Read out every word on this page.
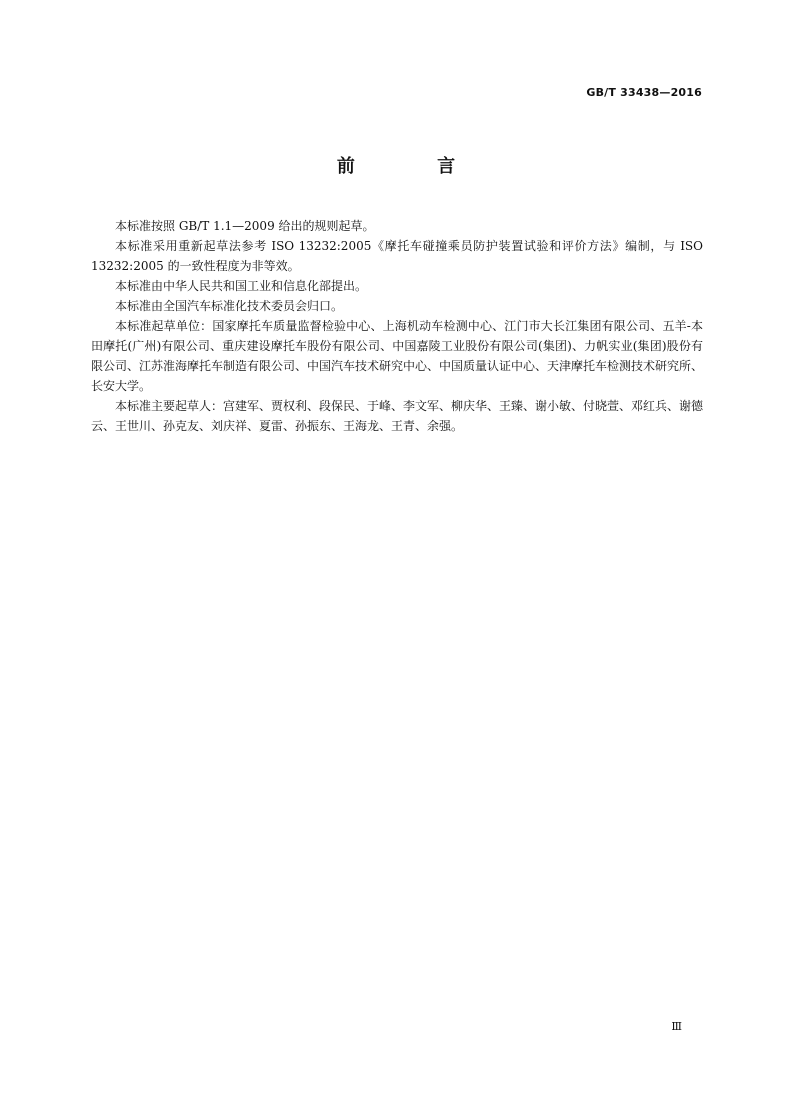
GB/T 33438—2016
前 言

本标准按照 GB/T 1.1—2009 给出的规则起草。

本标准采用重新起草法参考 ISO 13232:2005《摩托车碰撞乘员防护装置试验和评价方法》编制，与 ISO 13232:2005 的一致性程度为非等效。

本标准由中华人民共和国工业和信息化部提出。

本标准由全国汽车标准化技术委员会归口。

本标准起草单位：国家摩托车质量监督检验中心、上海机动车检测中心、江门市大长江集团有限公司、五羊-本田摩托(广州)有限公司、重庆建设摩托车股份有限公司、中国嘉陵工业股份有限公司(集团)、力帆实业(集团)股份有限公司、江苏淮海摩托车制造有限公司、中国汽车技术研究中心、中国质量认证中心、天津摩托车检测技术研究所、长安大学。

本标准主要起草人：宫建军、贾权利、段保民、于峰、李文军、柳庆华、王臻、谢小敏、付晓萱、邓红兵、谢德云、王世川、孙克友、刘庆祥、夏雷、孙振东、王海龙、王青、余强。

Ⅲ
